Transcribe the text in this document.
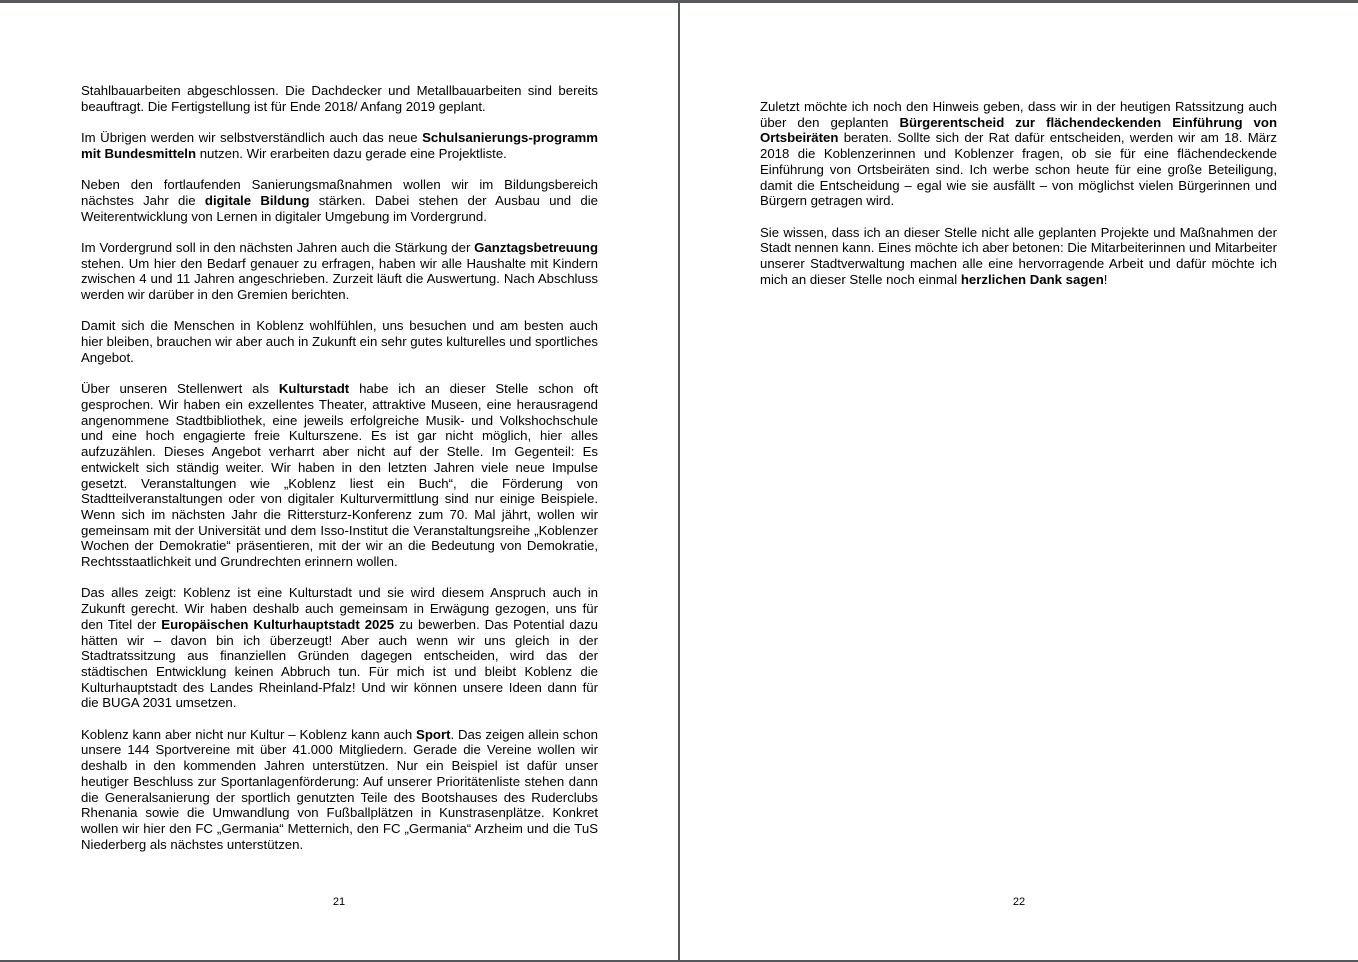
Stahlbauarbeiten abgeschlossen. Die Dachdecker und Metallbauarbeiten sind bereits beauftragt. Die Fertigstellung ist für Ende 2018/ Anfang 2019 geplant.

Im Übrigen werden wir selbstverständlich auch das neue Schulsanierungs-programm mit Bundesmitteln nutzen. Wir erarbeiten dazu gerade eine Projektliste.

Neben den fortlaufenden Sanierungsmaßnahmen wollen wir im Bildungsbereich nächstes Jahr die digitale Bildung stärken. Dabei stehen der Ausbau und die Weiterentwicklung von Lernen in digitaler Umgebung im Vordergrund.

Im Vordergrund soll in den nächsten Jahren auch die Stärkung der Ganztagsbetreuung stehen. Um hier den Bedarf genauer zu erfragen, haben wir alle Haushalte mit Kindern zwischen 4 und 11 Jahren angeschrieben. Zurzeit läuft die Auswertung. Nach Abschluss werden wir darüber in den Gremien berichten.

Damit sich die Menschen in Koblenz wohlfühlen, uns besuchen und am besten auch hier bleiben, brauchen wir aber auch in Zukunft ein sehr gutes kulturelles und sportliches Angebot.

Über unseren Stellenwert als Kulturstadt habe ich an dieser Stelle schon oft gesprochen. Wir haben ein exzellentes Theater, attraktive Museen, eine herausragend angenommene Stadtbibliothek, eine jeweils erfolgreiche Musik- und Volkshochschule und eine hoch engagierte freie Kulturszene. Es ist gar nicht möglich, hier alles aufzuzählen. Dieses Angebot verharrt aber nicht auf der Stelle. Im Gegenteil: Es entwickelt sich ständig weiter. Wir haben in den letzten Jahren viele neue Impulse gesetzt. Veranstaltungen wie „Koblenz liest ein Buch“, die Förderung von Stadtteilveranstaltungen oder von digitaler Kulturvermittlung sind nur einige Beispiele. Wenn sich im nächsten Jahr die Rittersturz-Konferenz zum 70. Mal jährt, wollen wir gemeinsam mit der Universität und dem Isso-Institut die Veranstaltungsreihe „Koblenzer Wochen der Demokratie“ präsentieren, mit der wir an die Bedeutung von Demokratie, Rechtsstaatlichkeit und Grundrechten erinnern wollen.

Das alles zeigt: Koblenz ist eine Kulturstadt und sie wird diesem Anspruch auch in Zukunft gerecht. Wir haben deshalb auch gemeinsam in Erwägung gezogen, uns für den Titel der Europäischen Kulturhauptstadt 2025 zu bewerben. Das Potential dazu hätten wir – davon bin ich überzeugt! Aber auch wenn wir uns gleich in der Stadtratssitzung aus finanziellen Gründen dagegen entscheiden, wird das der städtischen Entwicklung keinen Abbruch tun. Für mich ist und bleibt Koblenz die Kulturhauptstadt des Landes Rheinland-Pfalz! Und wir können unsere Ideen dann für die BUGA 2031 umsetzen.

Koblenz kann aber nicht nur Kultur – Koblenz kann auch Sport. Das zeigen allein schon unsere 144 Sportvereine mit über 41.000 Mitgliedern. Gerade die Vereine wollen wir deshalb in den kommenden Jahren unterstützen. Nur ein Beispiel ist dafür unser heutiger Beschluss zur Sportanlagenförderung: Auf unserer Prioritätenliste stehen dann die Generalsanierung der sportlich genutzten Teile des Bootshauses des Ruderclubs Rhenania sowie die Umwandlung von Fußballplätzen in Kunstrasenplätze. Konkret wollen wir hier den FC „Germania“ Metternich, den FC „Germania“ Arzheim und die TuS Niederberg als nächstes unterstützen.

21

Zuletzt möchte ich noch den Hinweis geben, dass wir in der heutigen Ratssitzung auch über den geplanten Bürgerentscheid zur flächendeckenden Einführung von Ortsbeiräten beraten. Sollte sich der Rat dafür entscheiden, werden wir am 18. März 2018 die Koblenzerinnen und Koblenzer fragen, ob sie für eine flächendeckende Einführung von Ortsbeiräten sind. Ich werbe schon heute für eine große Beteiligung, damit die Entscheidung – egal wie sie ausfällt – von möglichst vielen Bürgerinnen und Bürgern getragen wird.

Sie wissen, dass ich an dieser Stelle nicht alle geplanten Projekte und Maßnahmen der Stadt nennen kann. Eines möchte ich aber betonen: Die Mitarbeiterinnen und Mitarbeiter unserer Stadtverwaltung machen alle eine hervorragende Arbeit und dafür möchte ich mich an dieser Stelle noch einmal herzlichen Dank sagen!

22
